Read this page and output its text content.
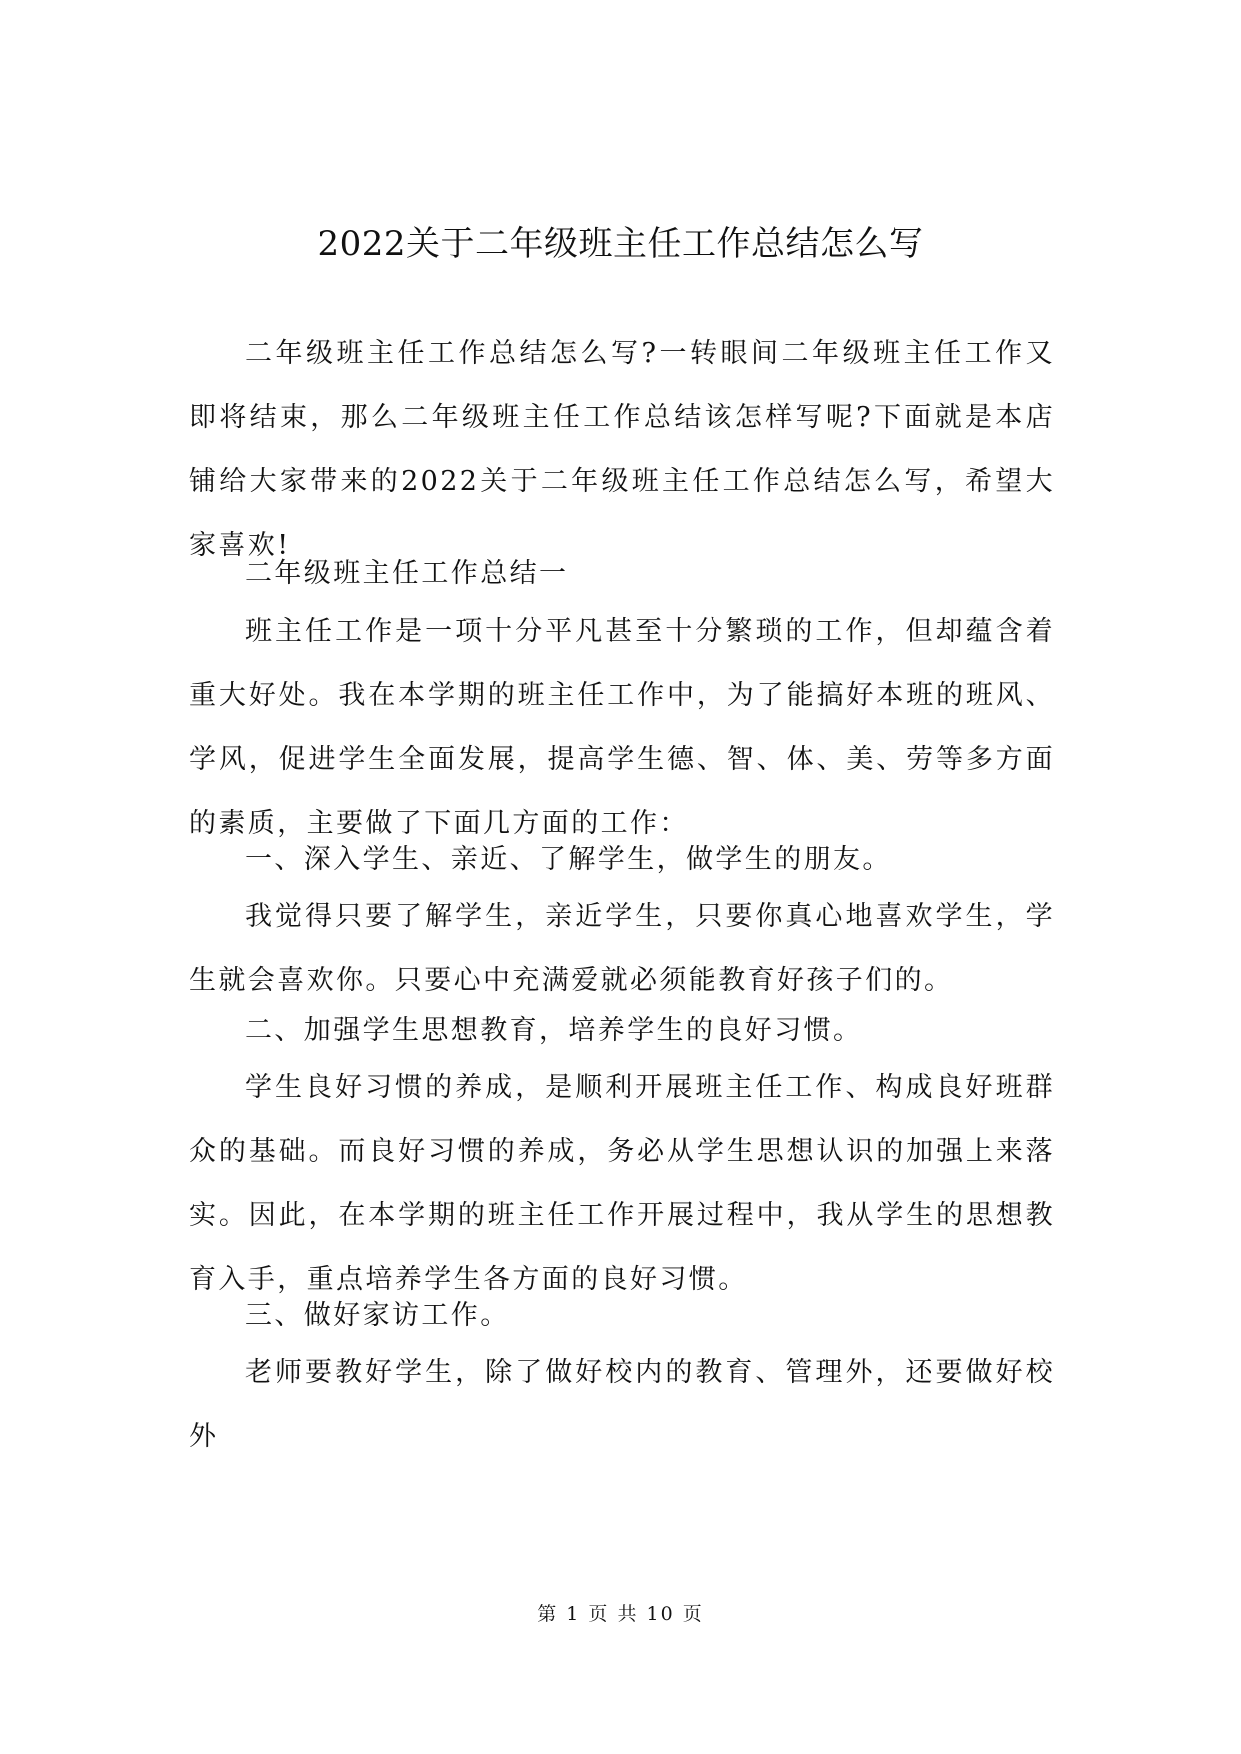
2022关于二年级班主任工作总结怎么写

二年级班主任工作总结怎么写?一转眼间二年级班主任工作又即将结束，那么二年级班主任工作总结该怎样写呢?下面就是本店铺给大家带来的2022关于二年级班主任工作总结怎么写，希望大家喜欢!

二年级班主任工作总结一

班主任工作是一项十分平凡甚至十分繁琐的工作，但却蕴含着重大好处。我在本学期的班主任工作中，为了能搞好本班的班风、学风，促进学生全面发展，提高学生德、智、体、美、劳等多方面的素质，主要做了下面几方面的工作：

一、深入学生、亲近、了解学生，做学生的朋友。

我觉得只要了解学生，亲近学生，只要你真心地喜欢学生，学生就会喜欢你。只要心中充满爱就必须能教育好孩子们的。

二、加强学生思想教育，培养学生的良好习惯。

学生良好习惯的养成，是顺利开展班主任工作、构成良好班群众的基础。而良好习惯的养成，务必从学生思想认识的加强上来落实。因此，在本学期的班主任工作开展过程中，我从学生的思想教育入手，重点培养学生各方面的良好习惯。

三、做好家访工作。

老师要教好学生，除了做好校内的教育、管理外，还要做好校外

第 1 页 共 10 页
